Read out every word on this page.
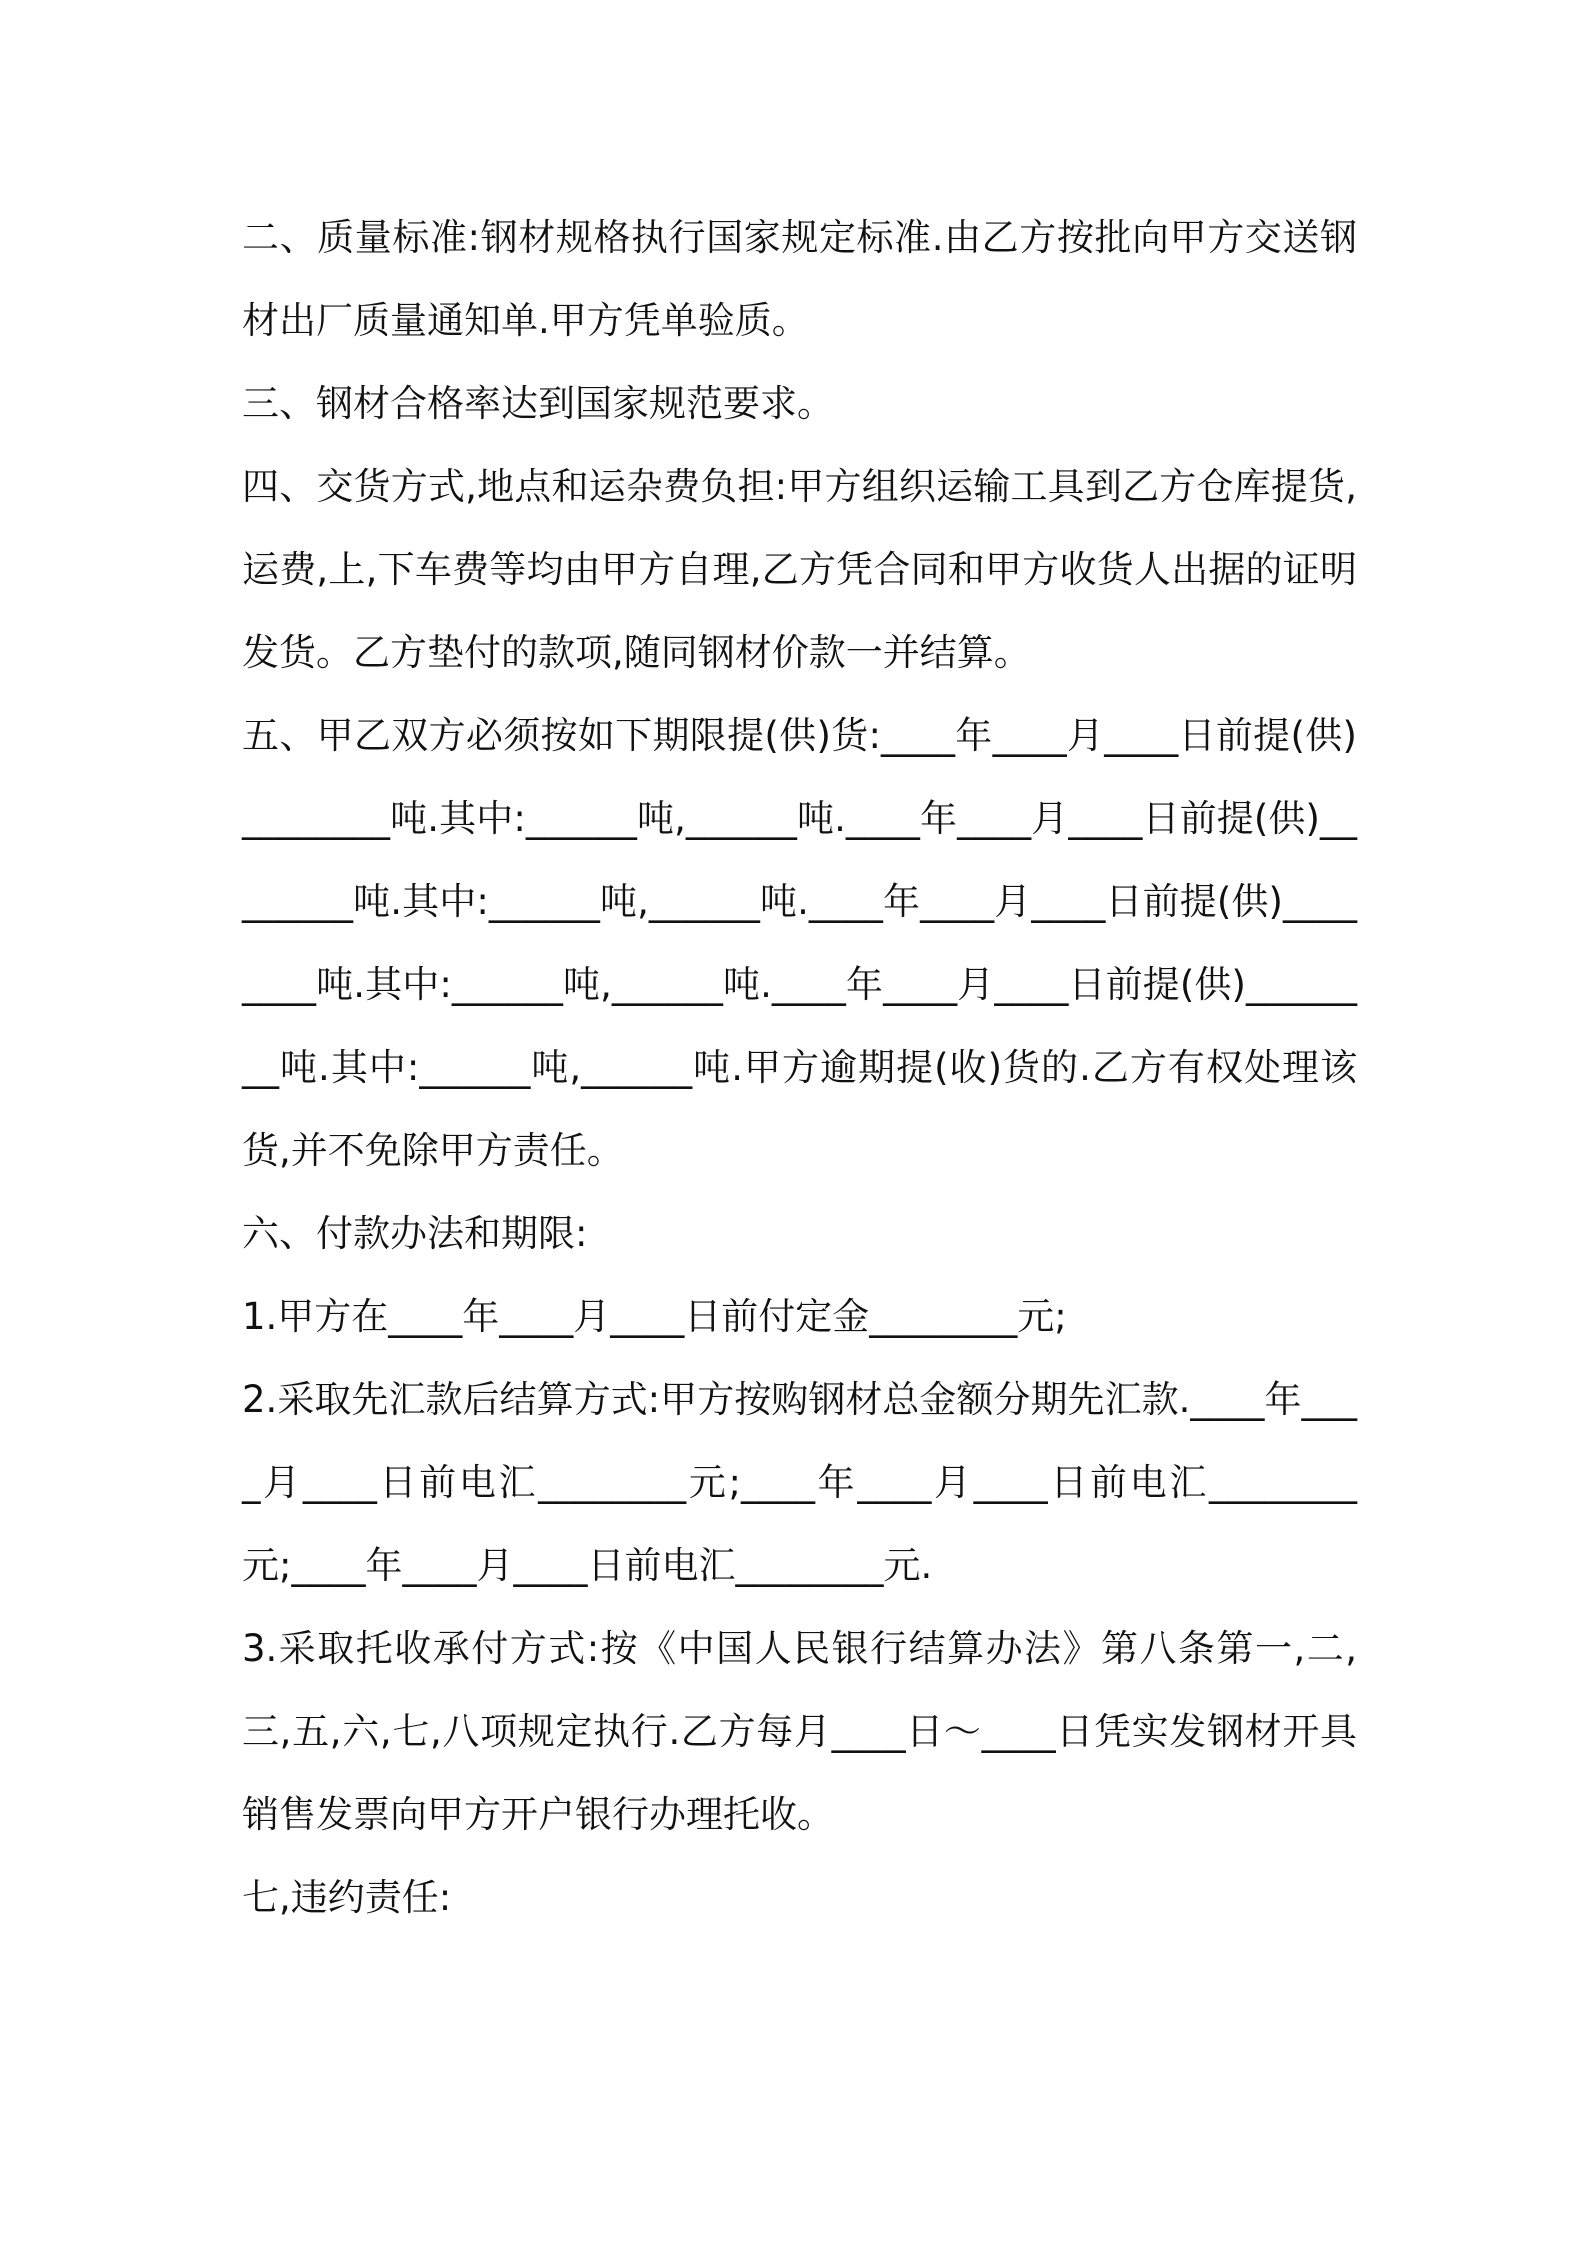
二、质量标准:钢材规格执行国家规定标准.由乙方按批向甲方交送钢材出厂质量通知单.甲方凭单验质。

三、钢材合格率达到国家规范要求。

四、交货方式,地点和运杂费负担:甲方组织运输工具到乙方仓库提货,运费,上,下车费等均由甲方自理,乙方凭合同和甲方收货人出据的证明发货。乙方垫付的款项,随同钢材价款一并结算。

五、甲乙双方必须按如下期限提(供)货:____年____月____日前提(供)________吨.其中:______吨,______吨.____年____月____日前提(供)________吨.其中:______吨,______吨.____年____月____日前提(供)________吨.其中:______吨,______吨.____年____月____日前提(供)________吨.其中:______吨,______吨.甲方逾期提(收)货的.乙方有权处理该货,并不免除甲方责任。

六、付款办法和期限:

1.甲方在____年____月____日前付定金________元;

2.采取先汇款后结算方式:甲方按购钢材总金额分期先汇款.____年____月____日前电汇________元;____年____月____日前电汇________元;____年____月____日前电汇________元.

3.采取托收承付方式:按《中国人民银行结算办法》第八条第一,二,三,五,六,七,八项规定执行.乙方每月____日～____日凭实发钢材开具销售发票向甲方开户银行办理托收。

七,违约责任:
